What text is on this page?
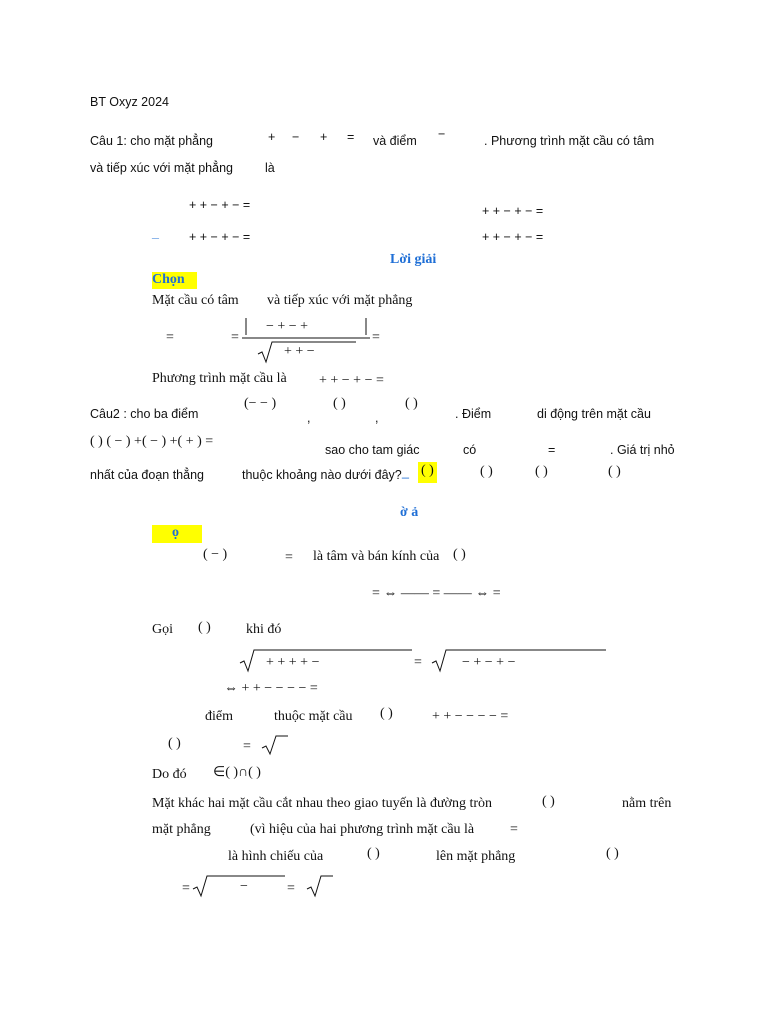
BT Oxyz 2024
Câu 1: cho mặt phẳng	+ − + = và điểm −	. Phương trình mặt cầu có tâm
và tiếp xúc với mặt phẳng	là
+ + − + − =	+ + − + − =
_ + + − + − =	+ + − + − =
Lời giải
Chọn
Mặt cầu có tâm và tiếp xúc với mặt phẳng
=	=
− + − +
+ + −
=
Phương trình mặt cầu là + + − + − =
Câu2 : cho ba điểm
(− − )
,
( )
,
( )
. Điểm	di động trên mặt cầu
( ) ( − ) +( − ) +( + ) =
sao cho tam giác	có	=	. Giá trị nhỏ
nhất của đoạn thẳng	thuộc khoảng nào dưới đây? _ ( )	( )	( )	( )
ờ ả
ọ
( − )	= là tâm và bán kính của ( )
= ⇔ —— = —— ⇔ =
Gọi ( )	khi đó
+ + + + −	=	− + − + −
⇔ + + − − − − =
điểm	thuộc mặt cầu ( )	+ + − − − − =
( )	=
Do đó ∈( )∩( )
Mặt khác hai mặt cầu cắt nhau theo giao tuyến là đường tròn	( )	nằm trên
mặt phẳng	(vì hiệu của hai phương trình mặt cầu là	=
là hình chiếu của	( )	lên mặt phẳng	( )
=	−	=
